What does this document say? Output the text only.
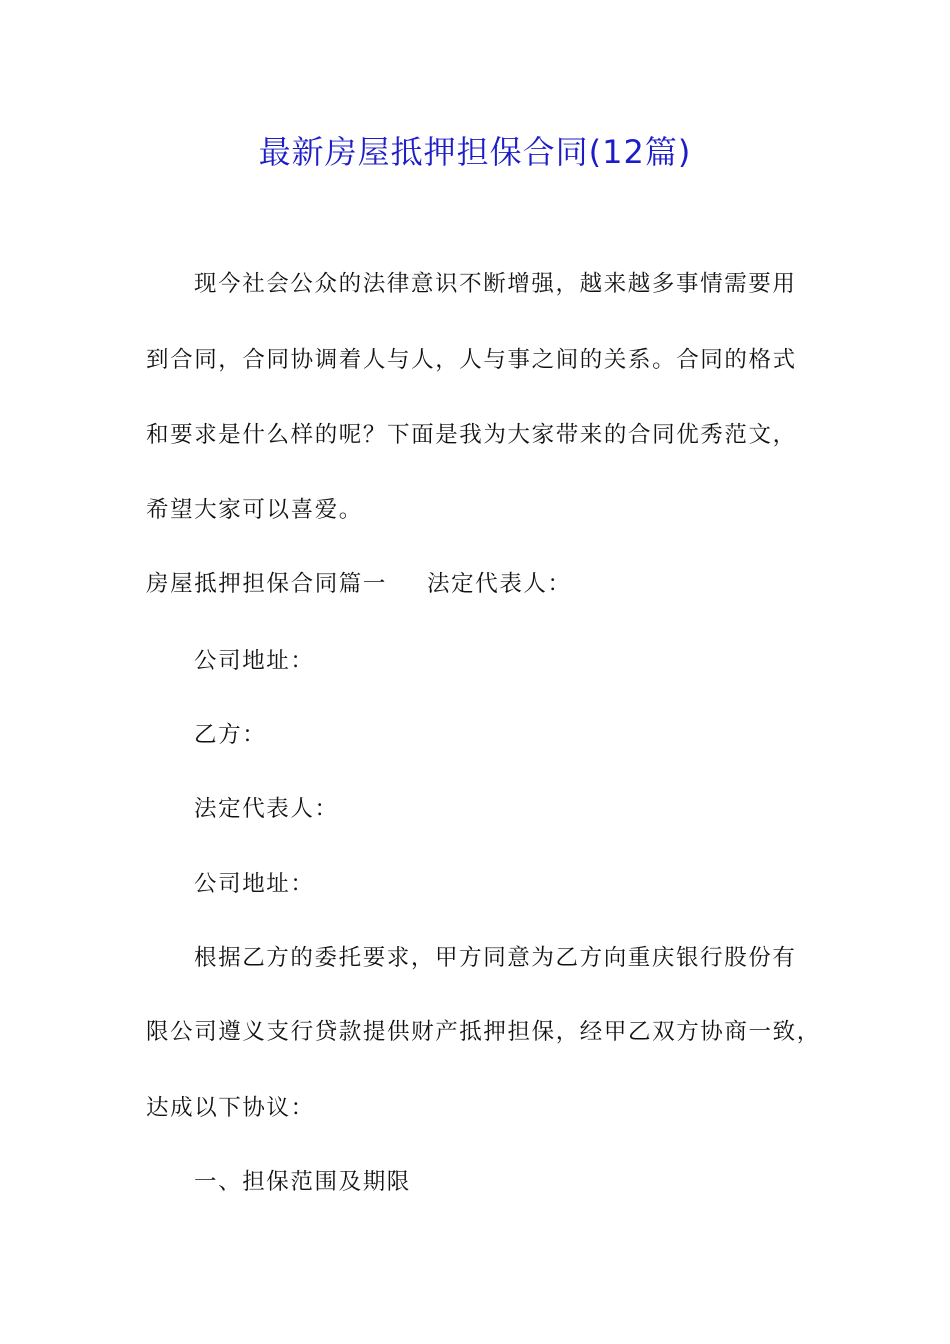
最新房屋抵押担保合同(12篇)
现今社会公众的法律意识不断增强，越来越多事情需要用
到合同，合同协调着人与人，人与事之间的关系。合同的格式
和要求是什么样的呢？下面是我为大家带来的合同优秀范文，
希望大家可以喜爱。
房屋抵押担保合同篇一 法定代表人：
公司地址：
乙方：
法定代表人：
公司地址：
根据乙方的委托要求，甲方同意为乙方向重庆银行股份有
限公司遵义支行贷款提供财产抵押担保，经甲乙双方协商一致，
达成以下协议：
一、担保范围及期限
